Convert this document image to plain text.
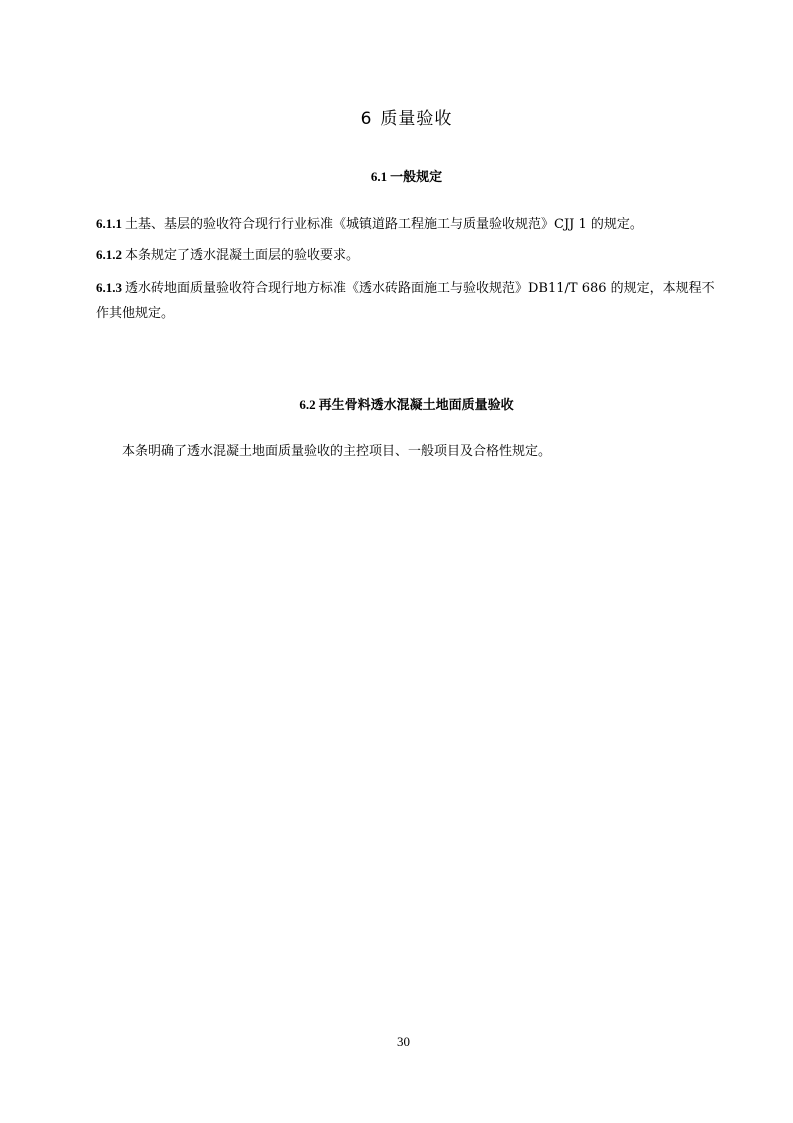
6 质量验收
6.1 一般规定
6.1.1 土基、基层的验收符合现行行业标准《城镇道路工程施工与质量验收规范》CJJ 1 的规定。
6.1.2 本条规定了透水混凝土面层的验收要求。
6.1.3 透水砖地面质量验收符合现行地方标准《透水砖路面施工与验收规范》DB11/T 686 的规定，本规程不作其他规定。
6.2 再生骨料透水混凝土地面质量验收
本条明确了透水混凝土地面质量验收的主控项目、一般项目及合格性规定。
30
